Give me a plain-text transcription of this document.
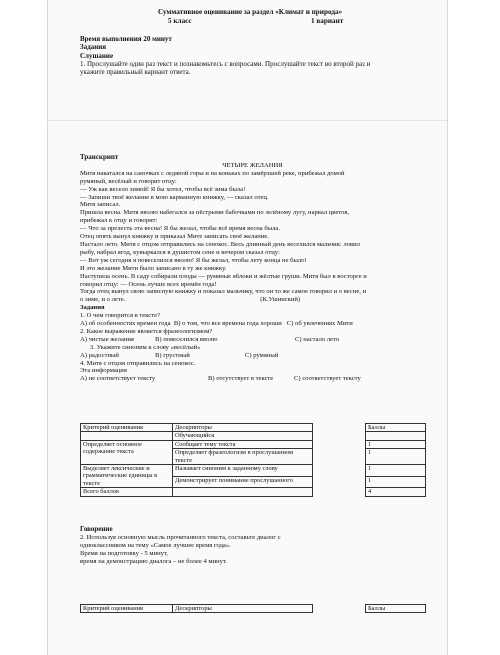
Суммативное оценивание за раздел «Климат и природа»
5 класс	1 вариант
Время выполнения 20 минут
Задания
Слушание
1. Прослушайте один раз текст и познакомьтесь с вопросами. Прослушайте текст во второй раз и
укажите правильный вариант ответа.
Транскрипт
ЧЕТЫРЕ ЖЕЛАНИЯ
Митя накатался на саночках с ледяной горы и на коньках по замёрзшей реке, прибежал домой
румяный, весёлый и говорит отцу:
— Уж как весело зимой! Я бы хотел, чтобы всё зима была!
— Запиши твоё желание в мою карманную книжку, — сказал отец.
Митя записал.
Пришла весна. Митя вволю набегался за пёстрыми бабочками по зелёному лугу, нарвал цветов,
прибежал к отцу и говорит:
— Что за прелесть эта весна! Я бы желал, чтобы всё время весна была.
Отец опять вынул книжку и приказал Мите записать своё желание.
Настало лето. Митя с отцом отправились на сенокос. Весь длинный день веселился мальчик: ловил
рыбу, набрал ягод, кувыркался в душистом сене и вечером сказал отцу:
— Вот уж сегодня я повеселился вволю! Я бы желал, чтобы лету конца не было!
И это желание Мити было записано в ту же книжку.
Наступила осень. В саду собирали плоды — румяные яблоки и жёлтые груши. Митя был в восторге и
говорил отцу: — Осень лучше всех времён года!
Тогда отец вынул свою записную книжку и показал мальчику, что он то же самое говорил и о весне, и
о зиме, и о лете.	(К.Ушинский)
Задания
1. О чем говорится в тексте?
А) об особенностях времен года В) о том, что все времена года хороши С) об увлечениях Мити
2. Какое выражение является фразеологизмом?
А) чистые желания	В) повеселился вволю	С) настало лето
3. Укажите синоним к слову «весёлый»
А) радостный	В) грустный	С) румяный
4. Митя с отцом отправились на сенокос.
Эта информация
А) не соответствует тексту	В) отсутствует в тексте	С) соответствует тексту
Критерий оценивания	Дескрипторы		Баллы
	Обучающийся		
Определяет основное содержание текста	Сообщает тему текста		1
	Определяет фразеологизм в прослушанном тексте		1
Выделяет лексические и грамматические единицы в тексте	Называет синоним к заданному слову		1
	Демонстрирует понимание прослушанного		1
Всего баллов			4
Говорение
2. Используя основную мысль прочитанного текста, составьте диалог с
одноклассником на тему «Самое лучшее время года».
Время на подготовку - 5 минут,
время на демонстрацию диалога – не более 4 минут.
Критерий оценивания	Дескрипторы		Баллы
